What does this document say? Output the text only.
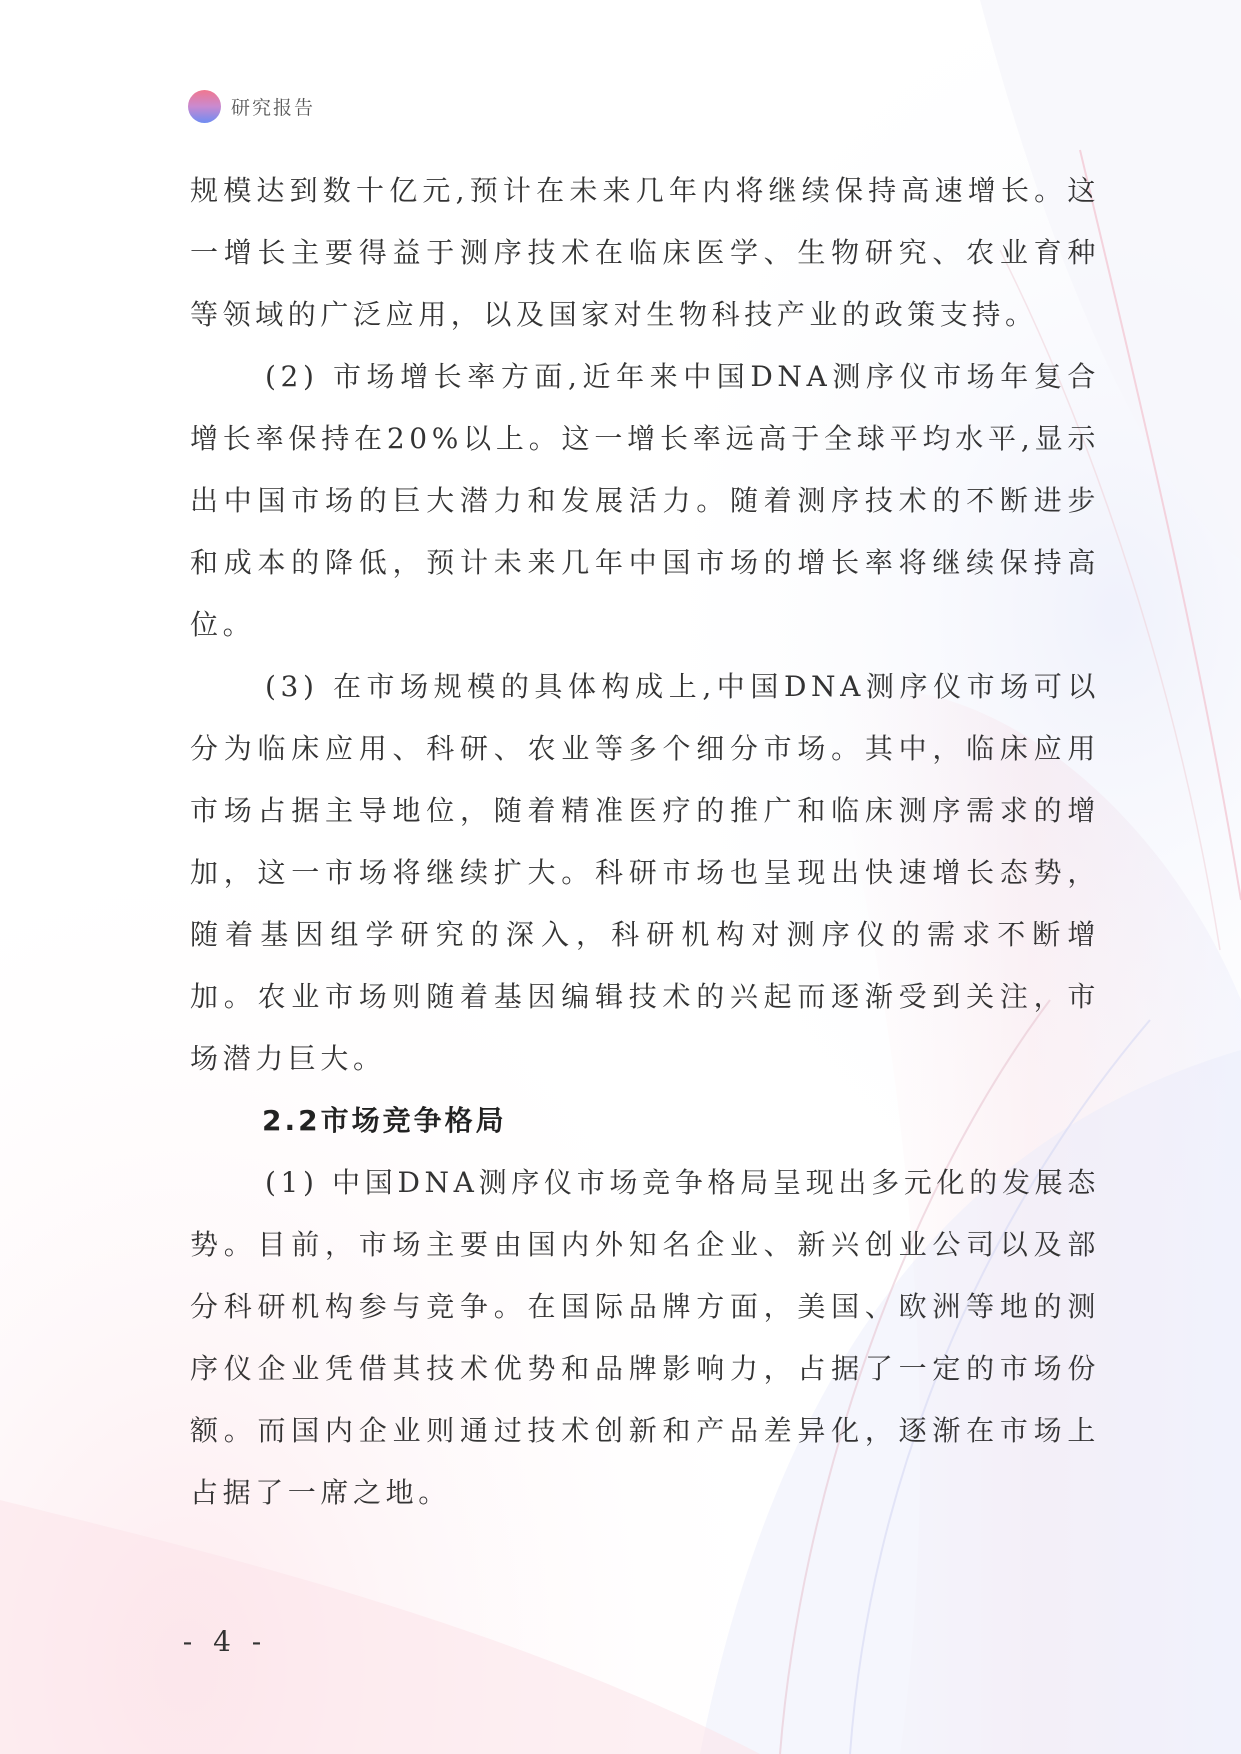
研究报告

规模达到数十亿元,预计在未来几年内将继续保持高速增长。这一增长主要得益于测序技术在临床医学、生物研究、农业育种等领域的广泛应用，以及国家对生物科技产业的政策支持。

(2) 市场增长率方面,近年来中国DNA测序仪市场年复合增长率保持在20%以上。这一增长率远高于全球平均水平,显示出中国市场的巨大潜力和发展活力。随着测序技术的不断进步和成本的降低，预计未来几年中国市场的增长率将继续保持高位。

(3) 在市场规模的具体构成上,中国DNA测序仪市场可以分为临床应用、科研、农业等多个细分市场。其中，临床应用市场占据主导地位，随着精准医疗的推广和临床测序需求的增加，这一市场将继续扩大。科研市场也呈现出快速增长态势，随着基因组学研究的深入，科研机构对测序仪的需求不断增加。农业市场则随着基因编辑技术的兴起而逐渐受到关注，市场潜力巨大。

2.2市场竞争格局

(1) 中国DNA测序仪市场竞争格局呈现出多元化的发展态势。目前，市场主要由国内外知名企业、新兴创业公司以及部分科研机构参与竞争。在国际品牌方面，美国、欧洲等地的测序仪企业凭借其技术优势和品牌影响力，占据了一定的市场份额。而国内企业则通过技术创新和产品差异化，逐渐在市场上占据了一席之地。

- 4 -
